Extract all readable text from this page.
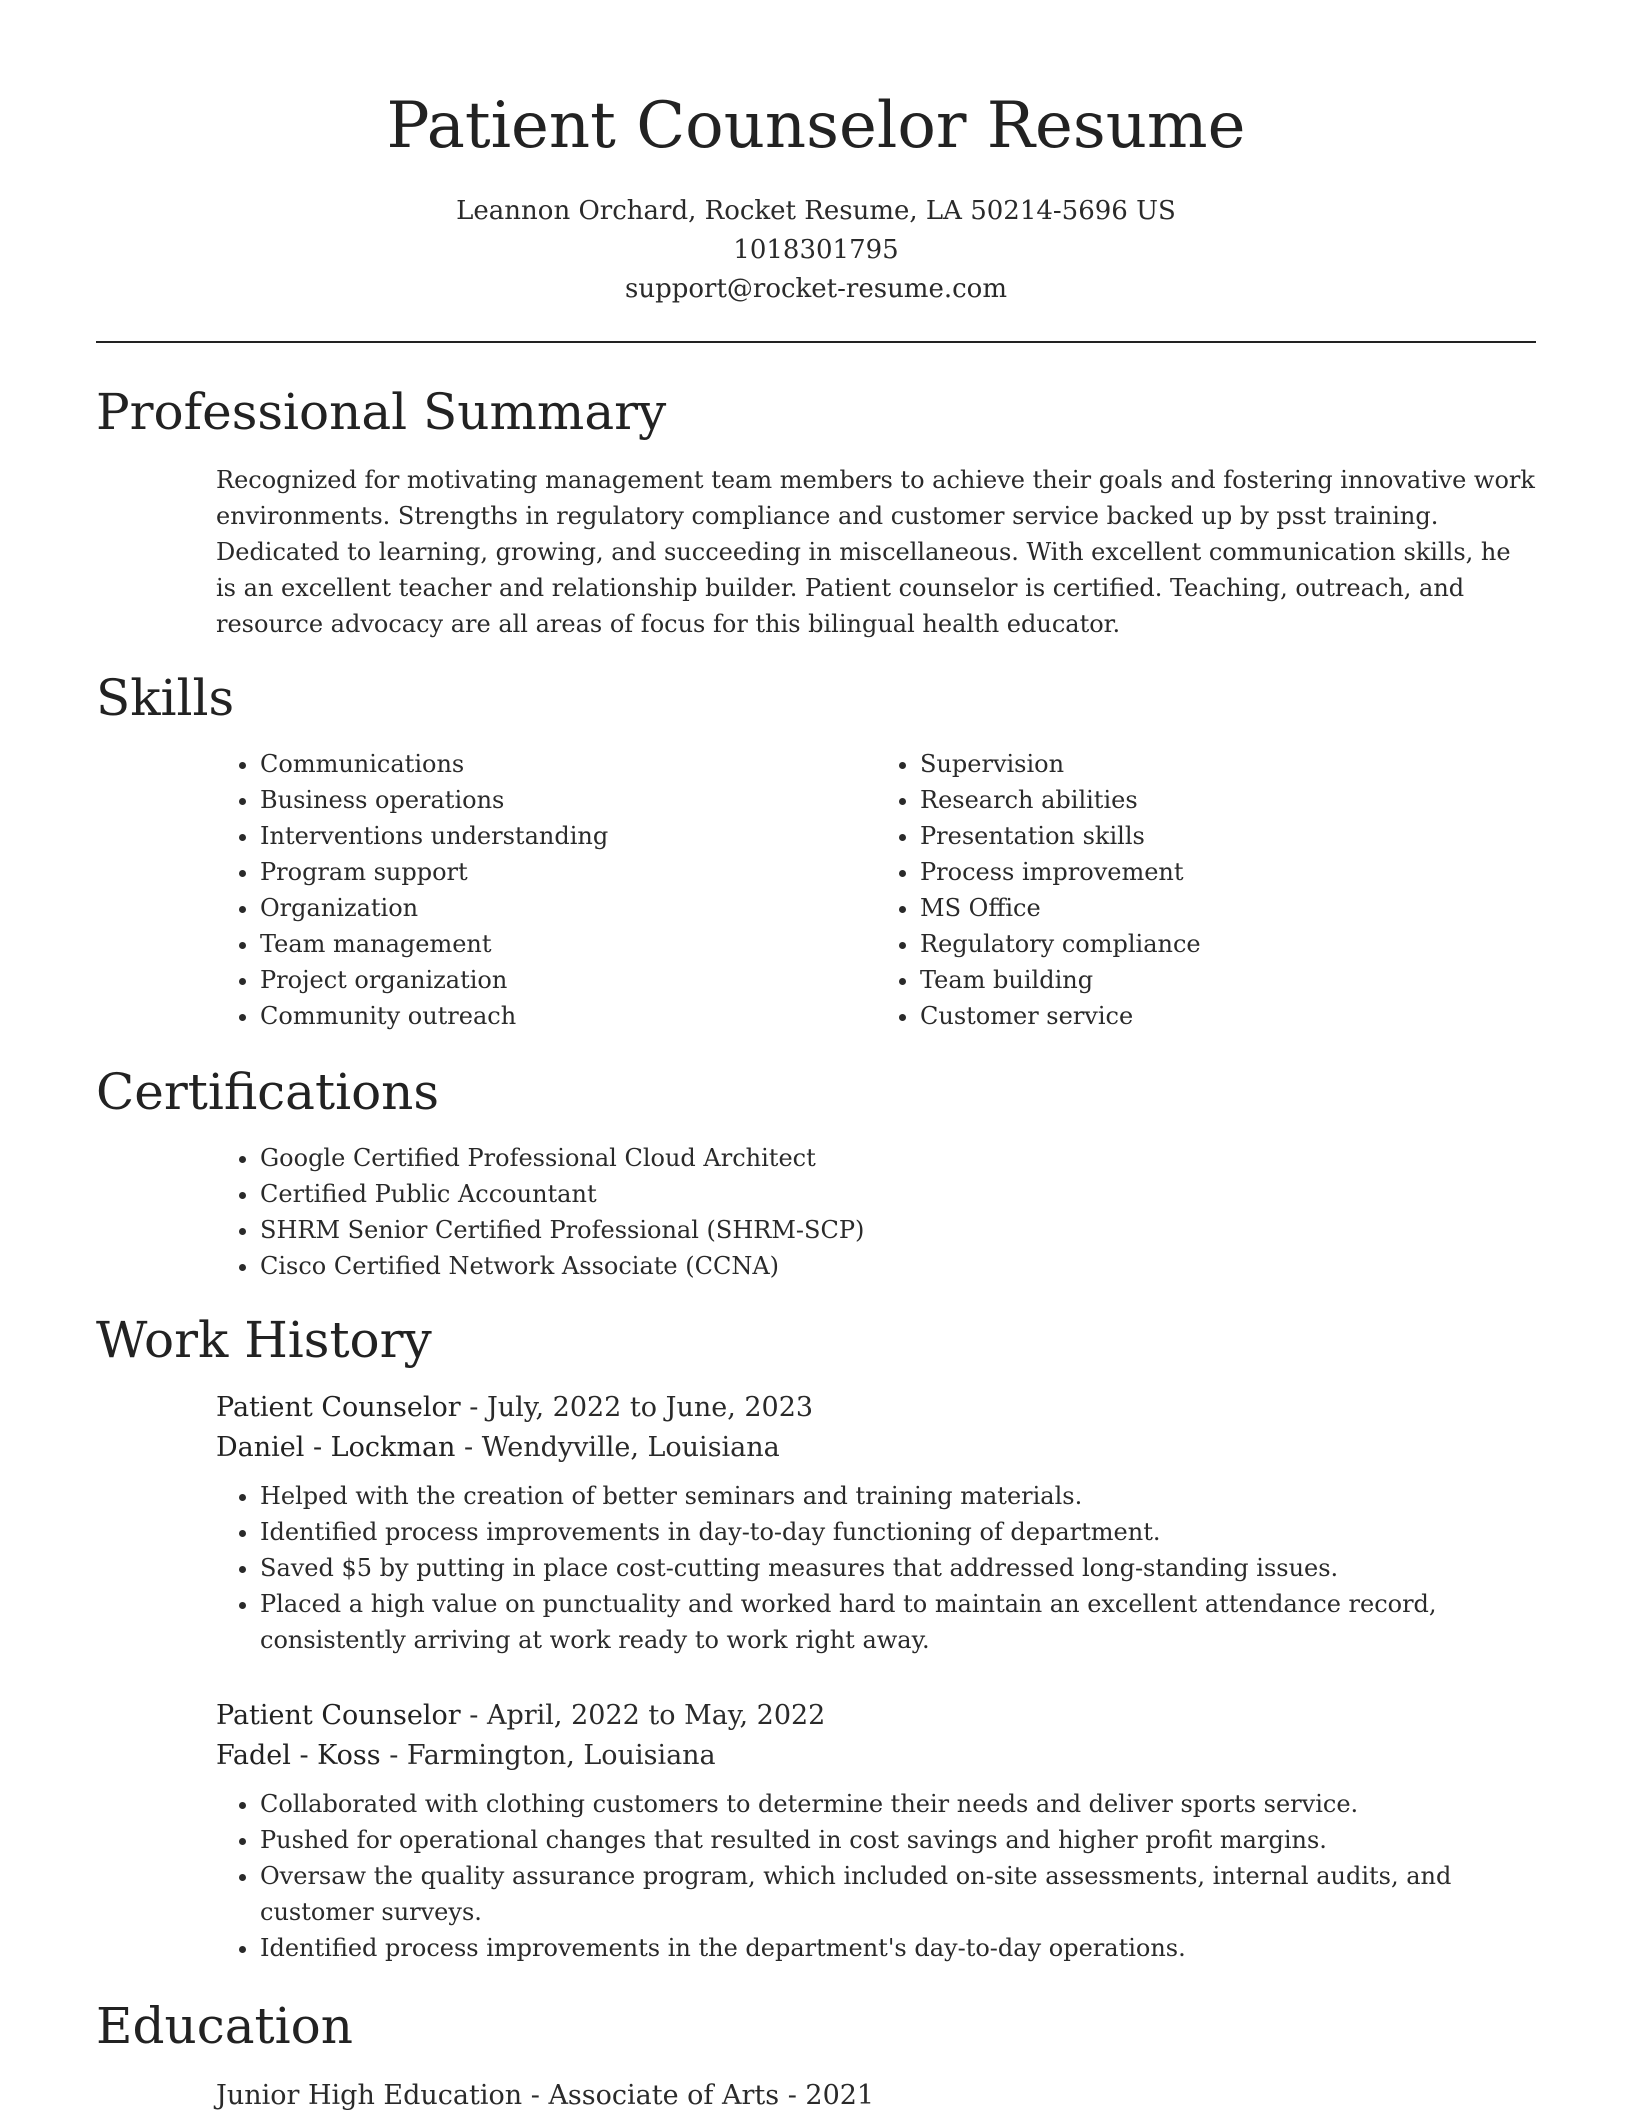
Patient Counselor Resume
Leannon Orchard, Rocket Resume, LA 50214-5696 US
1018301795
support@rocket-resume.com
Professional Summary
Recognized for motivating management team members to achieve their goals and fostering innovative work environments. Strengths in regulatory compliance and customer service backed up by psst training. Dedicated to learning, growing, and succeeding in miscellaneous. With excellent communication skills, he is an excellent teacher and relationship builder. Patient counselor is certified. Teaching, outreach, and resource advocacy are all areas of focus for this bilingual health educator.
Skills
• Communications
• Business operations
• Interventions understanding
• Program support
• Organization
• Team management
• Project organization
• Community outreach
• Supervision
• Research abilities
• Presentation skills
• Process improvement
• MS Office
• Regulatory compliance
• Team building
• Customer service
Certifications
• Google Certified Professional Cloud Architect
• Certified Public Accountant
• SHRM Senior Certified Professional (SHRM-SCP)
• Cisco Certified Network Associate (CCNA)
Work History
Patient Counselor - July, 2022 to June, 2023
Daniel - Lockman - Wendyville, Louisiana
• Helped with the creation of better seminars and training materials.
• Identified process improvements in day-to-day functioning of department.
• Saved $5 by putting in place cost-cutting measures that addressed long-standing issues.
• Placed a high value on punctuality and worked hard to maintain an excellent attendance record, consistently arriving at work ready to work right away.
Patient Counselor - April, 2022 to May, 2022
Fadel - Koss - Farmington, Louisiana
• Collaborated with clothing customers to determine their needs and deliver sports service.
• Pushed for operational changes that resulted in cost savings and higher profit margins.
• Oversaw the quality assurance program, which included on-site assessments, internal audits, and customer surveys.
• Identified process improvements in the department's day-to-day operations.
Education
Junior High Education - Associate of Arts - 2021
